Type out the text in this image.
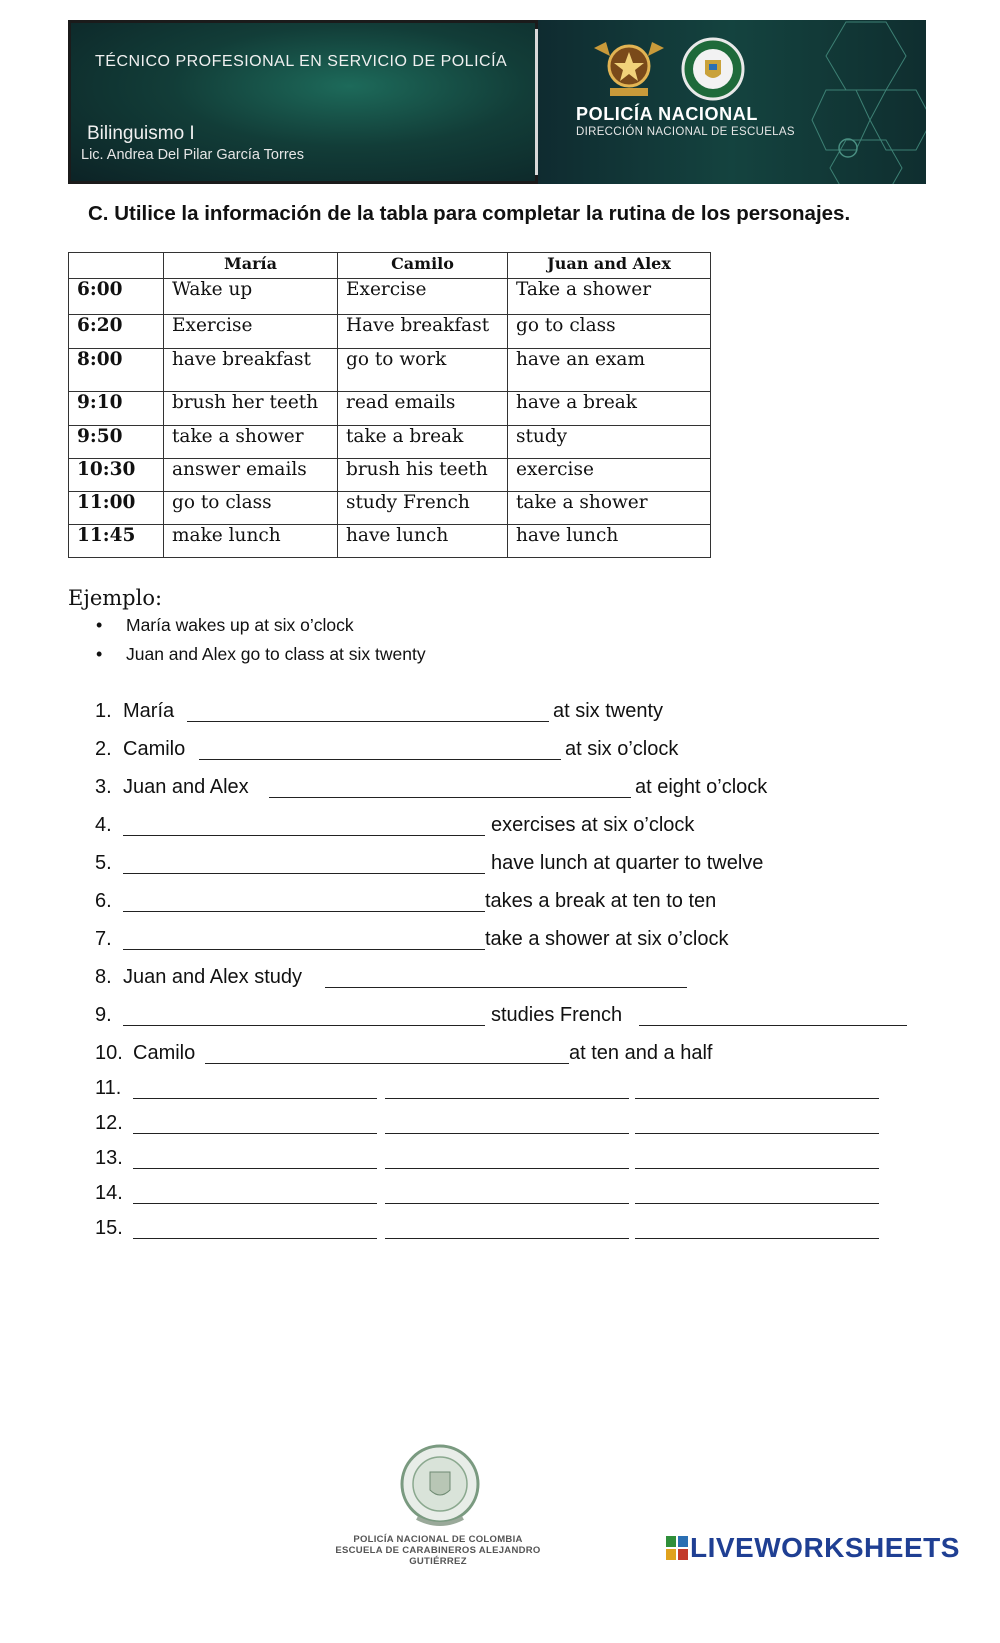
TÉCNICO PROFESIONAL EN SERVICIO DE POLICÍA
Bilinguismo I
Lic. Andrea Del Pilar García Torres
POLICÍA NACIONAL
DIRECCIÓN NACIONAL DE ESCUELAS
C. Utilice la información de la tabla para completar la rutina de los personajes.
	María	Camilo	Juan and Alex
6:00	Wake up	Exercise	Take a shower
6:20	Exercise	Have breakfast	go to class
8:00	have breakfast	go to work	have an exam
9:10	brush her teeth	read emails	have a break
9:50	take a shower	take a break	study
10:30	answer emails	brush his teeth	exercise
11:00	go to class	study French	take a shower
11:45	make lunch	have lunch	have lunch
Ejemplo:
• María wakes up at six o’clock
• Juan and Alex go to class at six twenty
1. María	at six twenty
2. Camilo	at six o’clock
3. Juan and Alex	at eight o’clock
4.	exercises at six o’clock
5.	have lunch at quarter to twelve
6.	takes a break at ten to ten
7.	take a shower at six o’clock
8. Juan and Alex study
9.	studies French
10. Camilo	at ten and a half
11.
12.
13.
14.
15.
POLICÍA NACIONAL DE COLOMBIA
ESCUELA DE CARABINEROS ALEJANDRO GUTIÉRREZ	LIVEWORKSHEETS
